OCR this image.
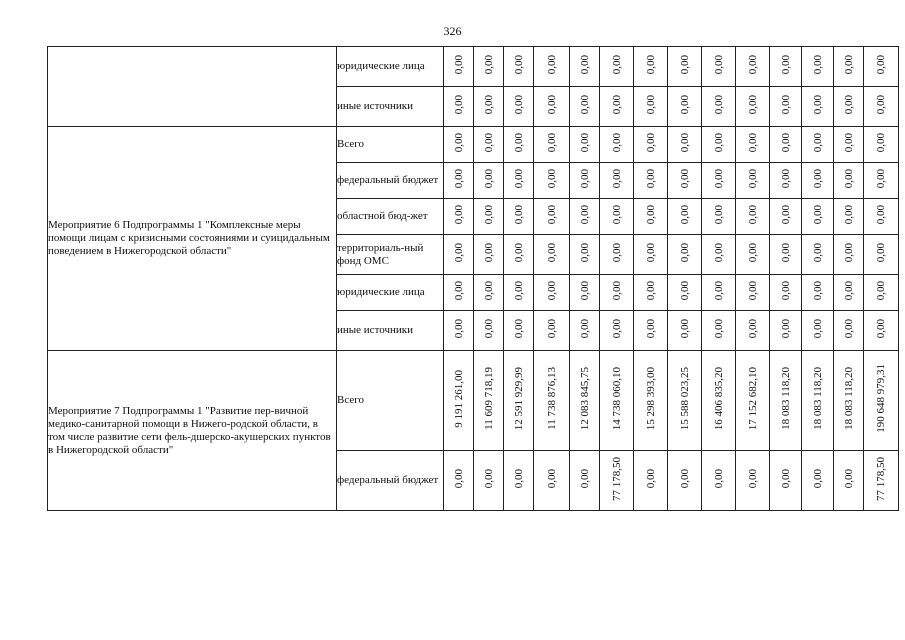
326
	юридические лица	0,00	0,00	0,00	0,00	0,00	0,00	0,00	0,00	0,00	0,00	0,00	0,00	0,00	0,00
	иные источники	0,00	0,00	0,00	0,00	0,00	0,00	0,00	0,00	0,00	0,00	0,00	0,00	0,00	0,00
Мероприятие 6 Подпрограммы 1 "Комплексные меры помощи лицам с кризисными состояниями и суицидальным поведением в Нижегородской области"	Всего	0,00	0,00	0,00	0,00	0,00	0,00	0,00	0,00	0,00	0,00	0,00	0,00	0,00	0,00
	федеральный бюджет	0,00	0,00	0,00	0,00	0,00	0,00	0,00	0,00	0,00	0,00	0,00	0,00	0,00	0,00
	областной бюд-жет	0,00	0,00	0,00	0,00	0,00	0,00	0,00	0,00	0,00	0,00	0,00	0,00	0,00	0,00
	территориаль-ный фонд ОМС	0,00	0,00	0,00	0,00	0,00	0,00	0,00	0,00	0,00	0,00	0,00	0,00	0,00	0,00
	юридические лица	0,00	0,00	0,00	0,00	0,00	0,00	0,00	0,00	0,00	0,00	0,00	0,00	0,00	0,00
	иные источники	0,00	0,00	0,00	0,00	0,00	0,00	0,00	0,00	0,00	0,00	0,00	0,00	0,00	0,00
Мероприятие 7 Подпрограммы 1 "Развитие пер-вичной медико-санитарной помощи в Нижего-родской области, в том числе развитие сети фель-дшерско-акушерских пунктов в Нижегородской области"	Всего	9 191 261,00	11 609 718,19	12 591 929,99	11 738 876,13	12 083 845,75	14 738 060,10	15 298 393,00	15 588 023,25	16 406 835,20	17 152 682,10	18 083 118,20	18 083 118,20	18 083 118,20	190 648 979,31
	федеральный бюджет	0,00	0,00	0,00	0,00	0,00	77 178,50	0,00	0,00	0,00	0,00	0,00	0,00	0,00	77 178,50
